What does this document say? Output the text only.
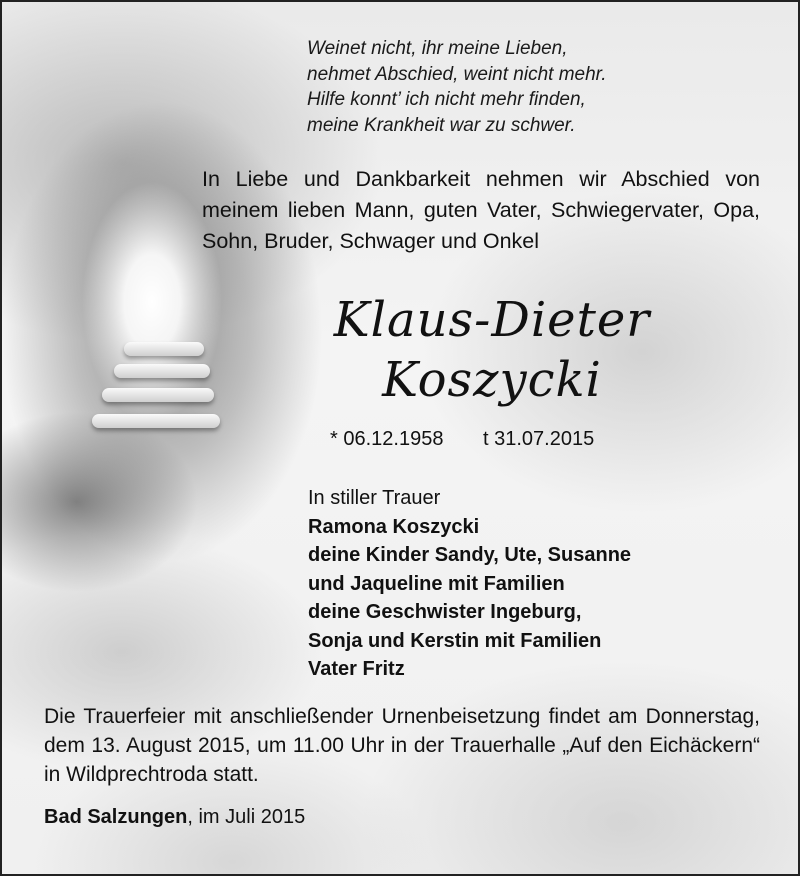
Weinet nicht, ihr meine Lieben,
nehmet Abschied, weint nicht mehr.
Hilfe konnt’ ich nicht mehr finden,
meine Krankheit war zu schwer.

In Liebe und Dankbarkeit nehmen wir Abschied von meinem lieben Mann, guten Vater, Schwiegervater, Opa, Sohn, Bruder, Schwager und Onkel

Klaus-Dieter
Koszycki
* 06.12.1958 t 31.07.2015
In stiller Trauer
Ramona Koszycki
deine Kinder Sandy, Ute, Susanne
und Jaqueline mit Familien
deine Geschwister Ingeburg,
Sonja und Kerstin mit Familien
Vater Fritz

Die Trauerfeier mit anschließender Urnenbeisetzung findet am Donnerstag, dem 13. August 2015, um 11.00 Uhr in der Trauerhalle „Auf den Eichäckern“ in Wildprechtroda statt.

Bad Salzungen, im Juli 2015
